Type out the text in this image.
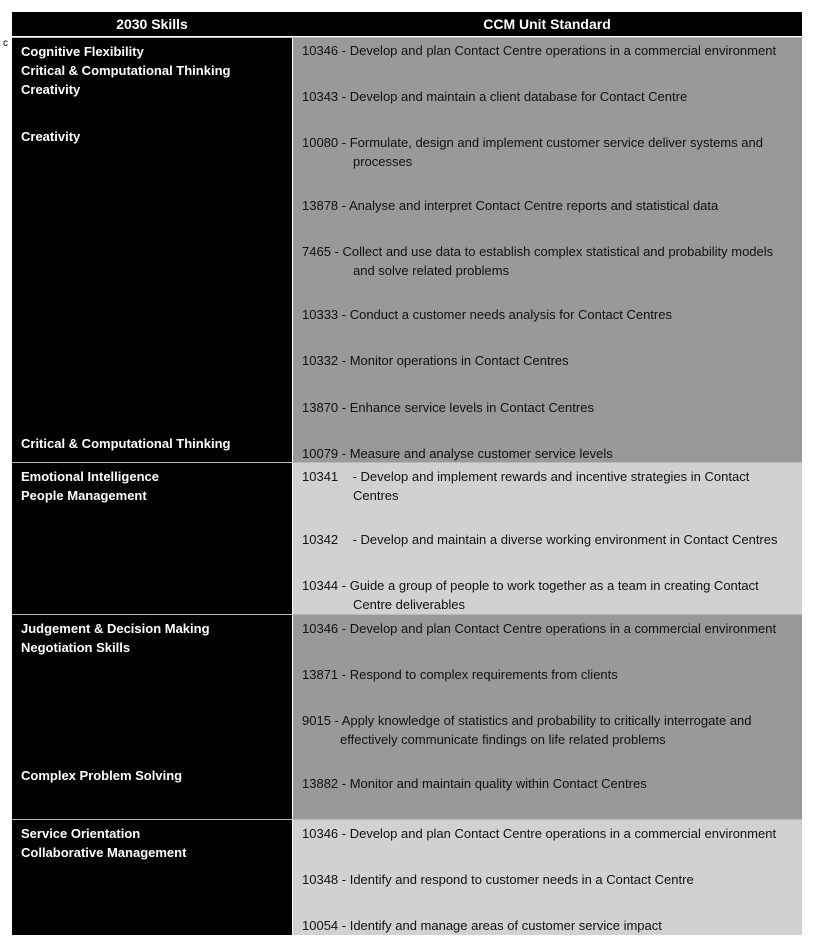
c
2030 Skills	CCM Unit Standard
Cognitive Flexibility
Critical & Computational Thinking
Creativity
Creativity
Critical & Computational Thinking
10346 - Develop and plan Contact Centre operations in a commercial environment
10343 - Develop and maintain a client database for Contact Centre
10080 - Formulate, design and implement customer service deliver systems and
processes
13878 - Analyse and interpret Contact Centre reports and statistical data
7465 - Collect and use data to establish complex statistical and probability models
and solve related problems
10333 - Conduct a customer needs analysis for Contact Centres
10332 - Monitor operations in Contact Centres
13870 - Enhance service levels in Contact Centres
10079 - Measure and analyse customer service levels
Emotional Intelligence
People Management
10341    - Develop and implement rewards and incentive strategies in Contact
Centres
10342    - Develop and maintain a diverse working environment in Contact Centres
10344 - Guide a group of people to work together as a team in creating Contact
Centre deliverables
Judgement & Decision Making
Negotiation Skills
Complex Problem Solving
10346 - Develop and plan Contact Centre operations in a commercial environment
13871 - Respond to complex requirements from clients
9015 - Apply knowledge of statistics and probability to critically interrogate and
effectively communicate findings on life related problems
13882 - Monitor and maintain quality within Contact Centres
Service Orientation
Collaborative Management
10346 - Develop and plan Contact Centre operations in a commercial environment
10348 - Identify and respond to customer needs in a Contact Centre
10054 - Identify and manage areas of customer service impact
